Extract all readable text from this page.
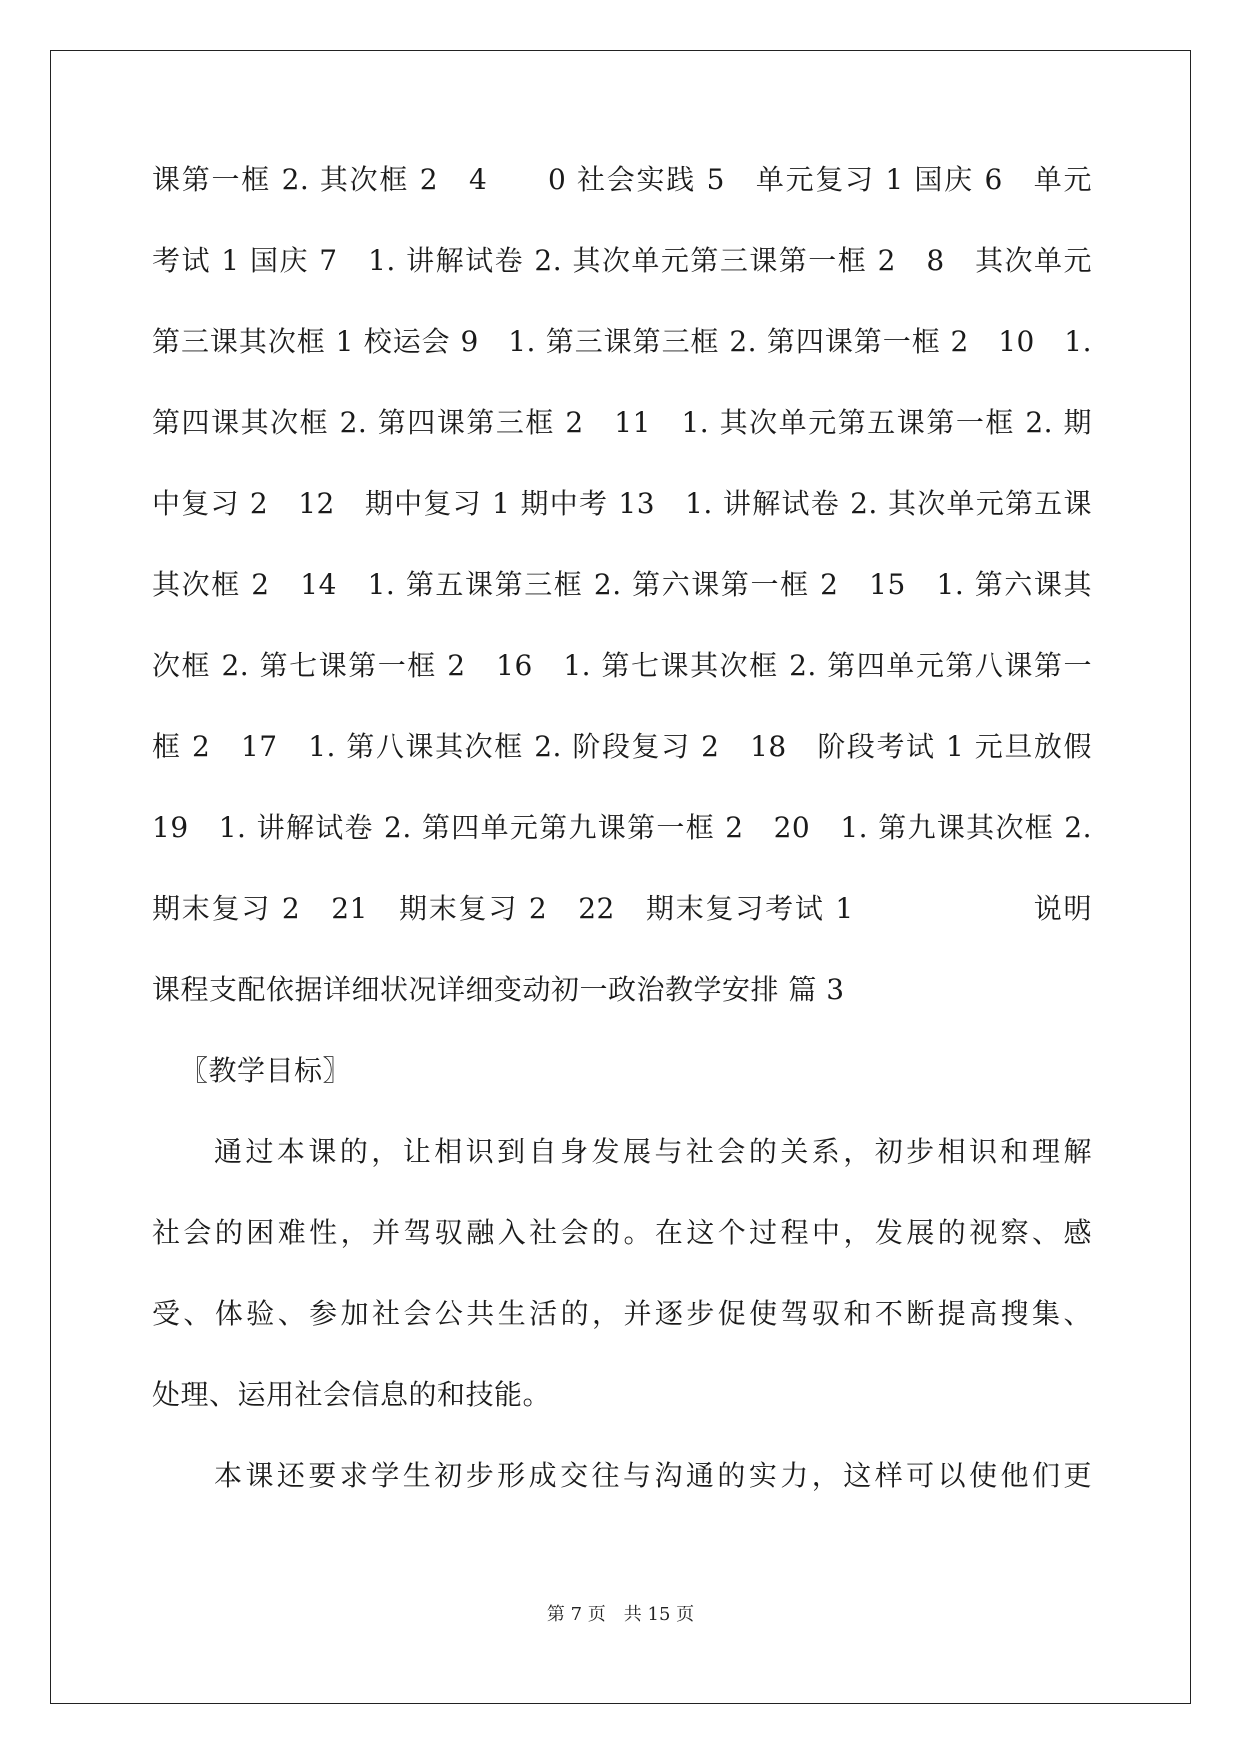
课第一框 2. 其次框 2　4　　0 社会实践 5　单元复习 1 国庆 6　单元
考试 1 国庆 7　1. 讲解试卷 2. 其次单元第三课第一框 2　8　其次单元
第三课其次框 1 校运会 9　1. 第三课第三框 2. 第四课第一框 2　10　1.
第四课其次框 2. 第四课第三框 2　11　1. 其次单元第五课第一框 2. 期
中复习 2　12　期中复习 1 期中考 13　1. 讲解试卷 2. 其次单元第五课
其次框 2　14　1. 第五课第三框 2. 第六课第一框 2　15　1. 第六课其
次框 2. 第七课第一框 2　16　1. 第七课其次框 2. 第四单元第八课第一
框 2　17　1. 第八课其次框 2. 阶段复习 2　18　阶段考试 1 元旦放假
19　1. 讲解试卷 2. 第四单元第九课第一框 2　20　1. 第九课其次框 2.
期末复习 2　21　期末复习 2　22　期末复习考试 1　　　　　　说明
课程支配依据详细状况详细变动初一政治教学安排 篇 3
〖教学目标〗
通过本课的，让相识到自身发展与社会的关系，初步相识和理解
社会的困难性，并驾驭融入社会的。在这个过程中，发展的视察、感
受、体验、参加社会公共生活的，并逐步促使驾驭和不断提高搜集、
处理、运用社会信息的和技能。
本课还要求学生初步形成交往与沟通的实力，这样可以使他们更
第 7 页 共 15 页
